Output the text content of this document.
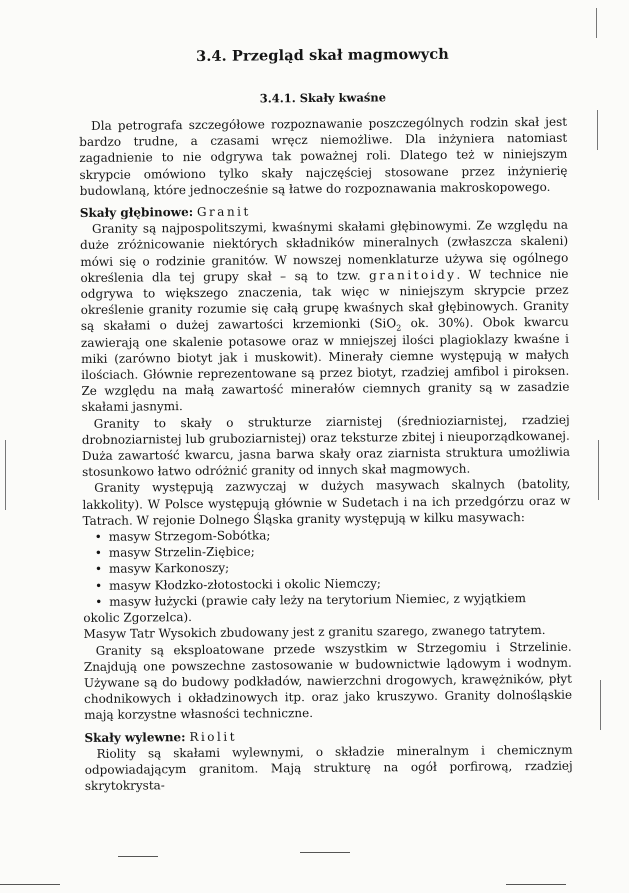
3.4. Przegląd skał magmowych
3.4.1. Skały kwaśne

Dla petrografa szczegółowe rozpoznawanie poszczególnych rodzin skał jest bardzo trudne, a czasami wręcz niemożliwe. Dla inżyniera natomiast zagadnienie to nie odgrywa tak poważnej roli. Dlatego też w niniejszym skrypcie omówiono tylko skały najczęściej stosowane przez inżynierię budowlaną, które jednocześnie są łatwe do rozpoznawania makroskopowego.

Skały głębinowe: Granit

Granity są najpospolitszymi, kwaśnymi skałami głębinowymi. Ze względu na duże zróżnicowanie niektórych składników mineralnych (zwłaszcza skaleni) mówi się o rodzinie granitów. W nowszej nomenklaturze używa się ogólnego określenia dla tej grupy skał – są to tzw. granitoidy. W technice nie odgrywa to większego znaczenia, tak więc w niniejszym skrypcie przez określenie granity rozumie się całą grupę kwaśnych skał głębinowych. Granity są skałami o dużej zawartości krzemionki (SiO$_2$ ok. 30%). Obok kwarcu zawierają one skalenie potasowe oraz w mniejszej ilości plagioklazy kwaśne i miki (zarówno biotyt jak i muskowit). Minerały ciemne występują w małych ilościach. Głównie reprezentowane są przez biotyt, rzadziej amfibol i piroksen. Ze względu na małą zawartość minerałów ciemnych granity są w zasadzie skałami jasnymi.

Granity to skały o strukturze ziarnistej (średnioziarnistej, rzadziej drobnoziarnistej lub gruboziarnistej) oraz teksturze zbitej i nieuporządkowanej. Duża zawartość kwarcu, jasna barwa skały oraz ziarnista struktura umożliwia stosunkowo łatwo odróżnić granity od innych skał magmowych.

Granity występują zazwyczaj w dużych masywach skalnych (batolity, lakkolity). W Polsce występują głównie w Sudetach i na ich przedgórzu oraz w Tatrach. W rejonie Dolnego Śląska granity występują w kilku masywach:

• masyw Strzegom-Sobótka;
• masyw Strzelin-Ziębice;
• masyw Karkonoszy;
• masyw Kłodzko-złotostocki i okolic Niemczy;
• masyw łużycki (prawie cały leży na terytorium Niemiec, z wyjątkiem

okolic Zgorzelca).

Masyw Tatr Wysokich zbudowany jest z granitu szarego, zwanego tatrytem.

Granity są eksploatowane przede wszystkim w Strzegomiu i Strzelinie. Znajdują one powszechne zastosowanie w budownictwie lądowym i wodnym. Używane są do budowy podkładów, nawierzchni drogowych, krawężników, płyt chodnikowych i okładzinowych itp. oraz jako kruszywo. Granity dolnośląskie mają korzystne własności techniczne.

Skały wylewne: Riolit

Riolity są skałami wylewnymi, o składzie mineralnym i chemicznym odpowiadającym granitom. Mają strukturę na ogół porfirową, rzadziej skrytokrysta-
